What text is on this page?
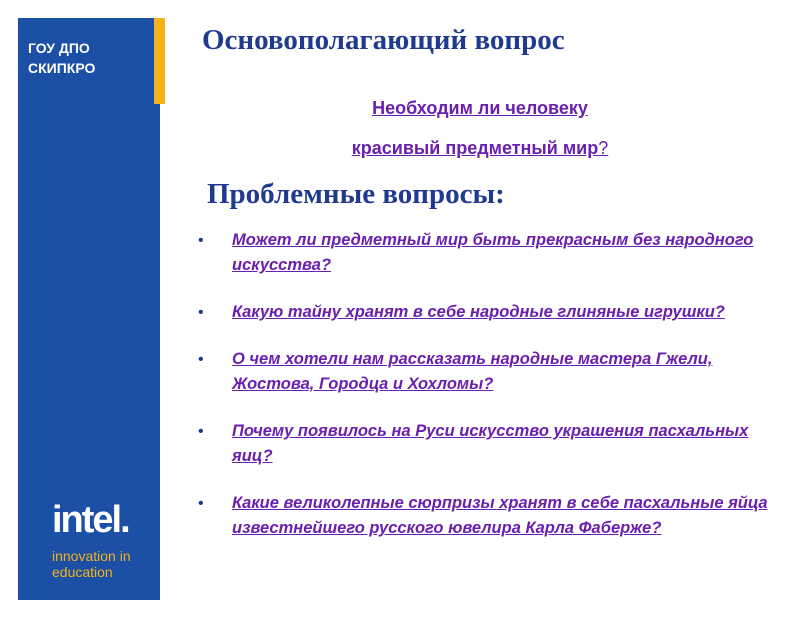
ГОУ ДПО
СКИПКРО
intel.
innovation in
education
Основополагающий вопрос
Необходим ли человеку
красивый предметный мир?
Проблемные вопросы:
• Может ли предметный мир быть прекрасным без народного искусства?
• Какую тайну хранят в себе народные глиняные игрушки?
• О чем хотели нам рассказать народные мастера Гжели, Жостова, Городца и Хохломы?
• Почему появилось на Руси искусство украшения пасхальных яиц?
• Какие великолепные сюрпризы хранят в себе пасхальные яйца известнейшего русского ювелира Карла Фаберже?
